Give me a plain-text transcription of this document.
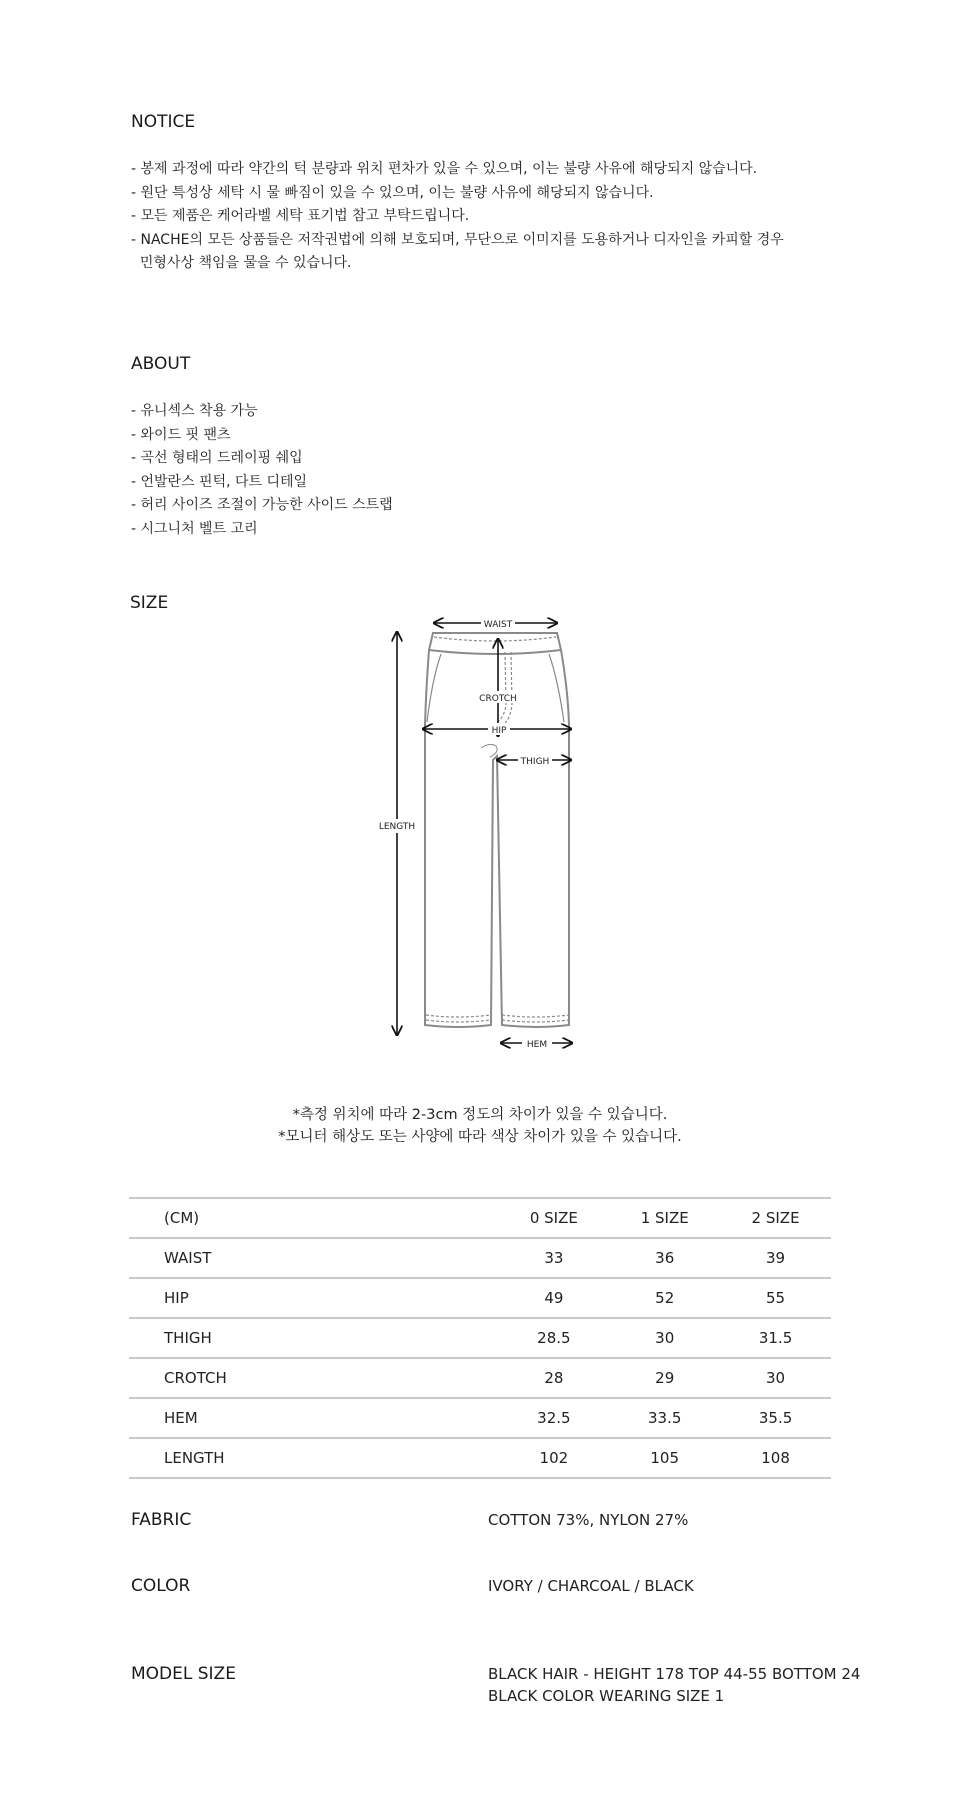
NOTICE
- 봉제 과정에 따라 약간의 턱 분량과 위치 편차가 있을 수 있으며, 이는 불량 사유에 해당되지 않습니다.
- 원단 특성상 세탁 시 물 빠짐이 있을 수 있으며, 이는 불량 사유에 해당되지 않습니다.
- 모든 제품은 케어라벨 세탁 표기법 참고 부탁드립니다.
- NACHE의 모든 상품들은 저작권법에 의해 보호되며, 무단으로 이미지를 도용하거나 디자인을 카피할 경우
민형사상 책임을 물을 수 있습니다.
ABOUT
- 유니섹스 착용 가능
- 와이드 핏 팬츠
- 곡선 형태의 드레이핑 쉐입
- 언발란스 핀턱, 다트 디테일
- 허리 사이즈 조절이 가능한 사이드 스트랩
- 시그니처 벨트 고리
SIZE
WAIST
CROTCH
HIP
THIGH
LENGTH
HEM
*측정 위치에 따라 2-3cm 정도의 차이가 있을 수 있습니다.
*모니터 해상도 또는 사양에 따라 색상 차이가 있을 수 있습니다.
(CM)		0 SIZE	1 SIZE	2 SIZE
WAIST		33	36	39
HIP		49	52	55
THIGH		28.5	30	31.5
CROTCH		28	29	30
HEM		32.5	33.5	35.5
LENGTH		102	105	108
FABRIC	COTTON 73%, NYLON 27%
COLOR	IVORY / CHARCOAL / BLACK
MODEL SIZE	BLACK HAIR - HEIGHT 178 TOP 44-55 BOTTOM 24
BLACK COLOR WEARING SIZE 1
